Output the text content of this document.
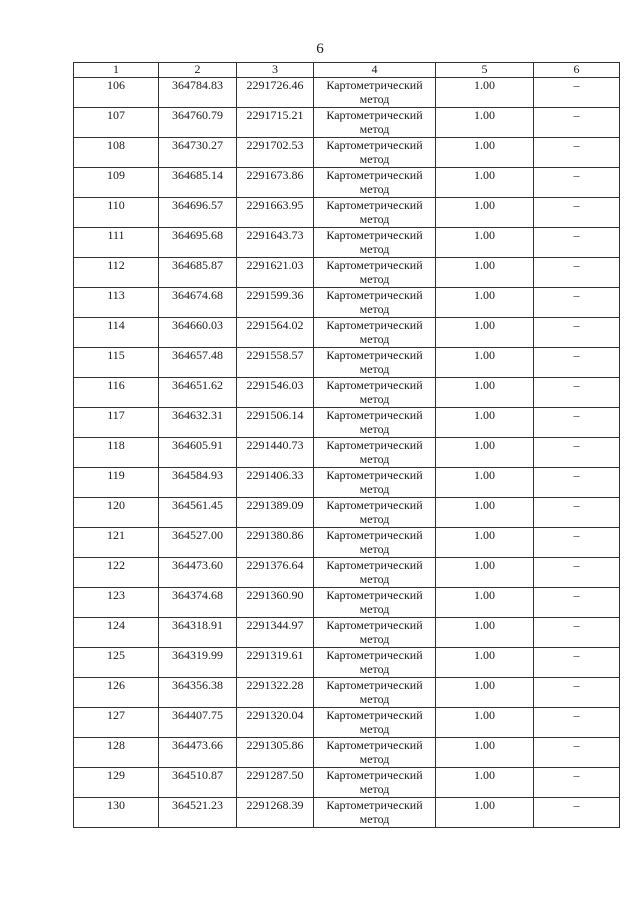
6
1	2	3	4	5	6
106	364784.83	2291726.46	Картометрический метод	1.00	–
107	364760.79	2291715.21	Картометрический метод	1.00	–
108	364730.27	2291702.53	Картометрический метод	1.00	–
109	364685.14	2291673.86	Картометрический метод	1.00	–
110	364696.57	2291663.95	Картометрический метод	1.00	–
111	364695.68	2291643.73	Картометрический метод	1.00	–
112	364685.87	2291621.03	Картометрический метод	1.00	–
113	364674.68	2291599.36	Картометрический метод	1.00	–
114	364660.03	2291564.02	Картометрический метод	1.00	–
115	364657.48	2291558.57	Картометрический метод	1.00	–
116	364651.62	2291546.03	Картометрический метод	1.00	–
117	364632.31	2291506.14	Картометрический метод	1.00	–
118	364605.91	2291440.73	Картометрический метод	1.00	–
119	364584.93	2291406.33	Картометрический метод	1.00	–
120	364561.45	2291389.09	Картометрический метод	1.00	–
121	364527.00	2291380.86	Картометрический метод	1.00	–
122	364473.60	2291376.64	Картометрический метод	1.00	–
123	364374.68	2291360.90	Картометрический метод	1.00	–
124	364318.91	2291344.97	Картометрический метод	1.00	–
125	364319.99	2291319.61	Картометрический метод	1.00	–
126	364356.38	2291322.28	Картометрический метод	1.00	–
127	364407.75	2291320.04	Картометрический метод	1.00	–
128	364473.66	2291305.86	Картометрический метод	1.00	–
129	364510.87	2291287.50	Картометрический метод	1.00	–
130	364521.23	2291268.39	Картометрический метод	1.00	–
